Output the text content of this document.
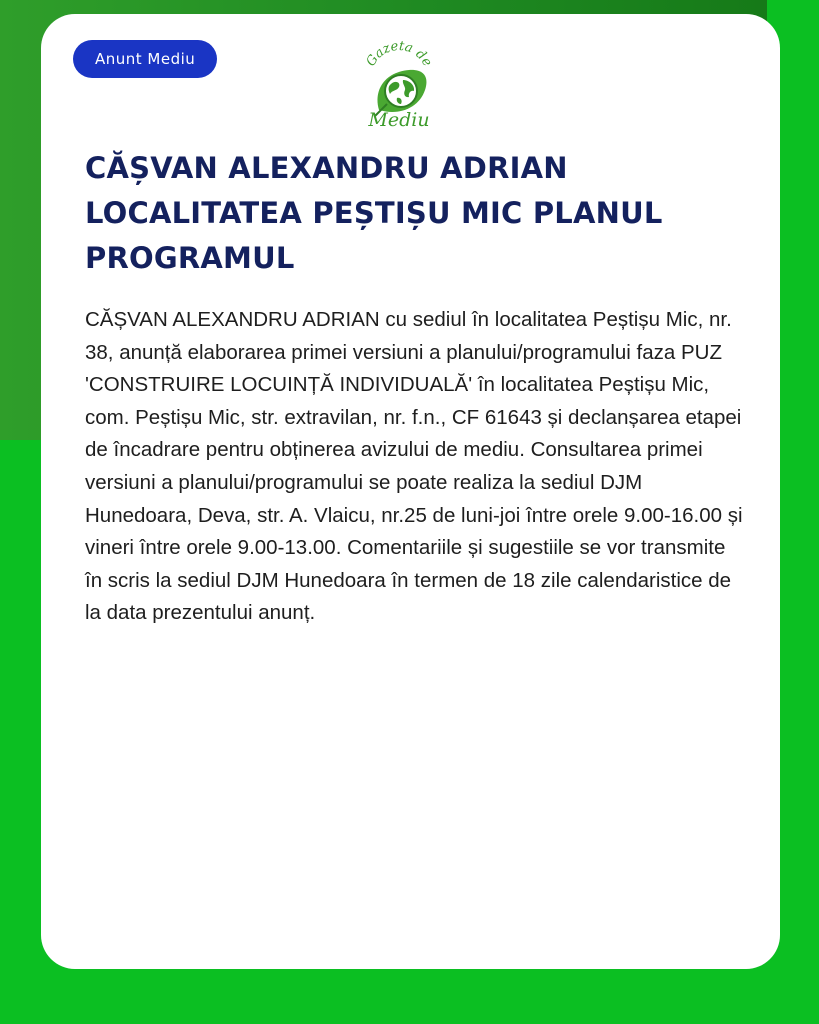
Anunt Mediu	Gazeta de
Mediu
CĂȘVAN ALEXANDRU ADRIAN LOCALITATEA PEȘTIȘU MIC PLANUL PROGRAMUL

CĂȘVAN ALEXANDRU ADRIAN cu sediul în localitatea Peștișu Mic, nr. 38, anunță elaborarea primei versiuni a planului/programului faza PUZ 'CONSTRUIRE LOCUINȚĂ INDIVIDUALĂ' în localitatea Peștișu Mic, com. Peștișu Mic, str. extravilan, nr. f.n., CF 61643 și declanșarea etapei de încadrare pentru obținerea avizului de mediu. Consultarea primei versiuni a planului/programului se poate realiza la sediul DJM Hunedoara, Deva, str. A. Vlaicu, nr.25 de luni-joi între orele 9.00-16.00 și vineri între orele 9.00-13.00. Comentariile și sugestiile se vor transmite în scris la sediul DJM Hunedoara în termen de 18 zile calendaristice de la data prezentului anunț.
